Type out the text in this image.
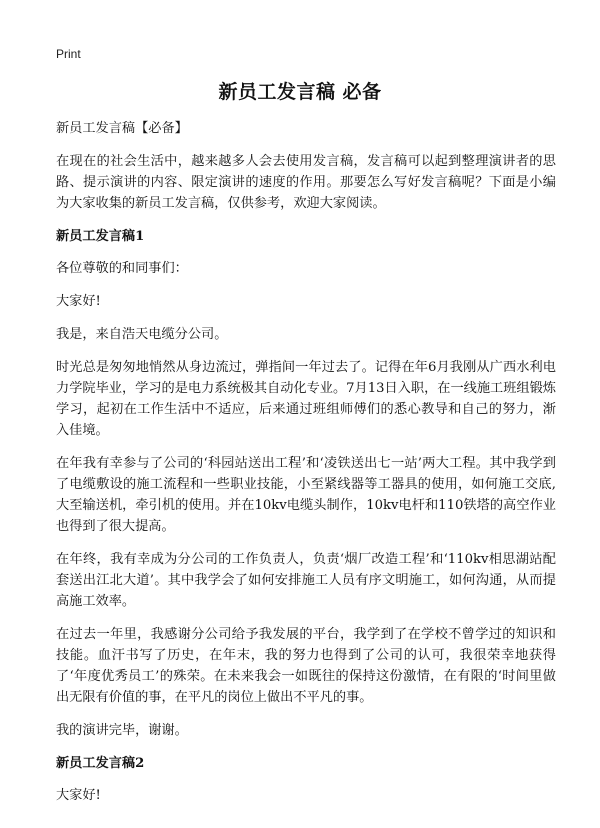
Print
新员工发言稿 必备
新员工发言稿【必备】
在现在的社会生活中，越来越多人会去使用发言稿，发言稿可以起到整理演讲者的思路、提示演讲的内容、限定演讲的速度的作用。那要怎么写好发言稿呢？下面是小编为大家收集的新员工发言稿，仅供参考，欢迎大家阅读。
新员工发言稿1
各位尊敬的和同事们：
大家好!
我是，来自浩天电缆分公司。
时光总是匆匆地悄然从身边流过，弹指间一年过去了。记得在年6月我刚从广西水利电力学院毕业，学习的是电力系统极其自动化专业。7月13日入职，在一线施工班组锻炼学习，起初在工作生活中不适应，后来通过班组师傅们的悉心教导和自己的努力，渐入佳境。
在年我有幸参与了公司的‘科园站送出工程’和‘凌铁送出七一站’两大工程。其中我学到了电缆敷设的施工流程和一些职业技能，小至紧线器等工器具的使用，如何施工交底,大至输送机，牵引机的使用。并在10kv电缆头制作，10kv电杆和110铁塔的高空作业也得到了很大提高。
在年终，我有幸成为分公司的工作负责人，负责‘烟厂改造工程’和‘110kv相思湖站配套送出江北大道’。其中我学会了如何安排施工人员有序文明施工，如何沟通，从而提高施工效率。
在过去一年里，我感谢分公司给予我发展的平台，我学到了在学校不曾学过的知识和技能。血汗书写了历史，在年末，我的努力也得到了公司的认可，我很荣幸地获得了‘年度优秀员工’的殊荣。在未来我会一如既往的保持这份激情，在有限的‘时间里做出无限有价值的事，在平凡的岗位上做出不平凡的事。
我的演讲完毕，谢谢。
新员工发言稿2
大家好!
